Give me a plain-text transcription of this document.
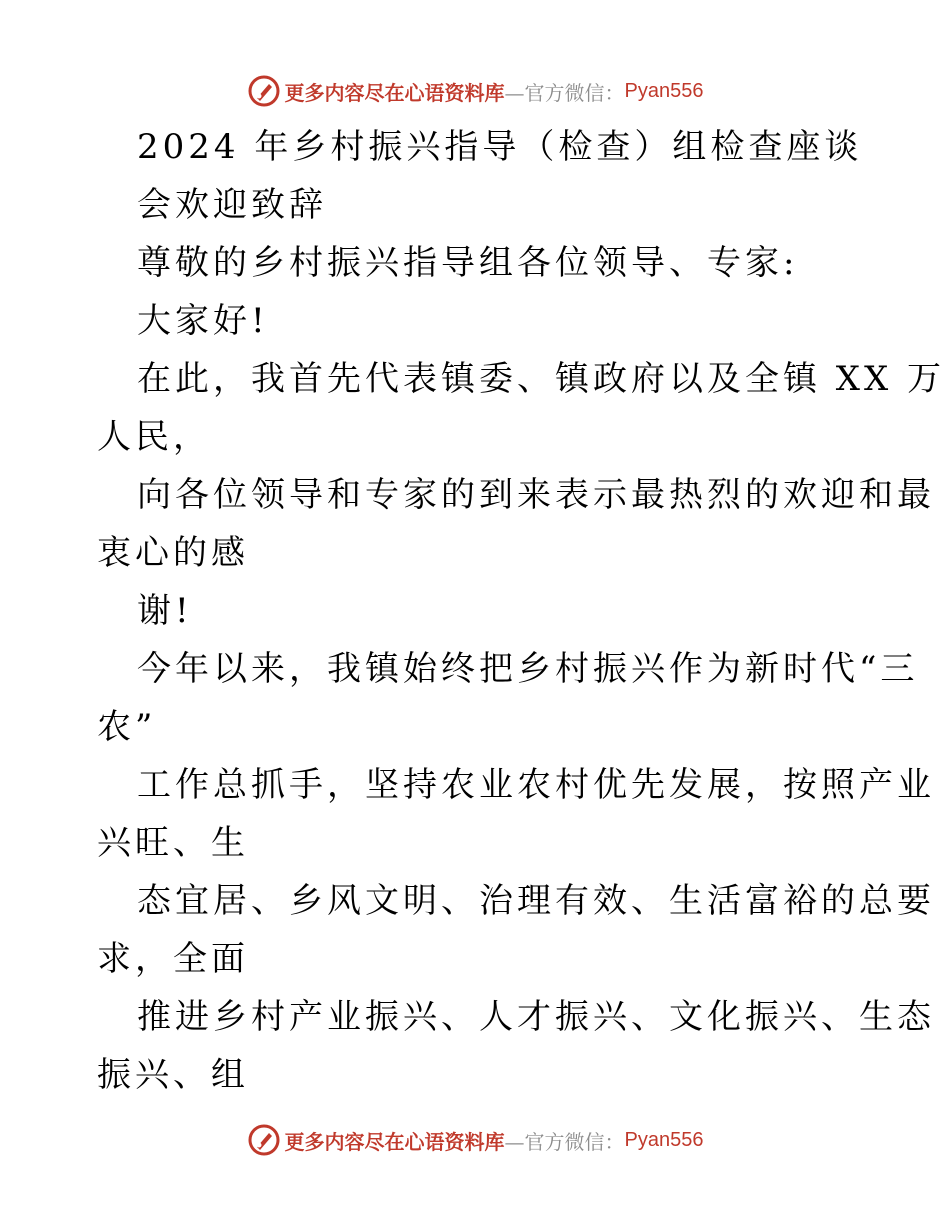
更多内容尽在心语资料库 —官方微信： Pyan556
2024 年乡村振兴指导（检查）组检查座谈
会欢迎致辞
尊敬的乡村振兴指导组各位领导、专家:
大家好!
在此，我首先代表镇委、镇政府以及全镇 XX 万
人民，
向各位领导和专家的到来表示最热烈的欢迎和最
衷心的感
谢!
今年以来，我镇始终把乡村振兴作为新时代“三
农”
工作总抓手，坚持农业农村优先发展，按照产业
兴旺、生
态宜居、乡风文明、治理有效、生活富裕的总要
求，全面
推进乡村产业振兴、人才振兴、文化振兴、生态
振兴、组
更多内容尽在心语资料库 —官方微信： Pyan556
